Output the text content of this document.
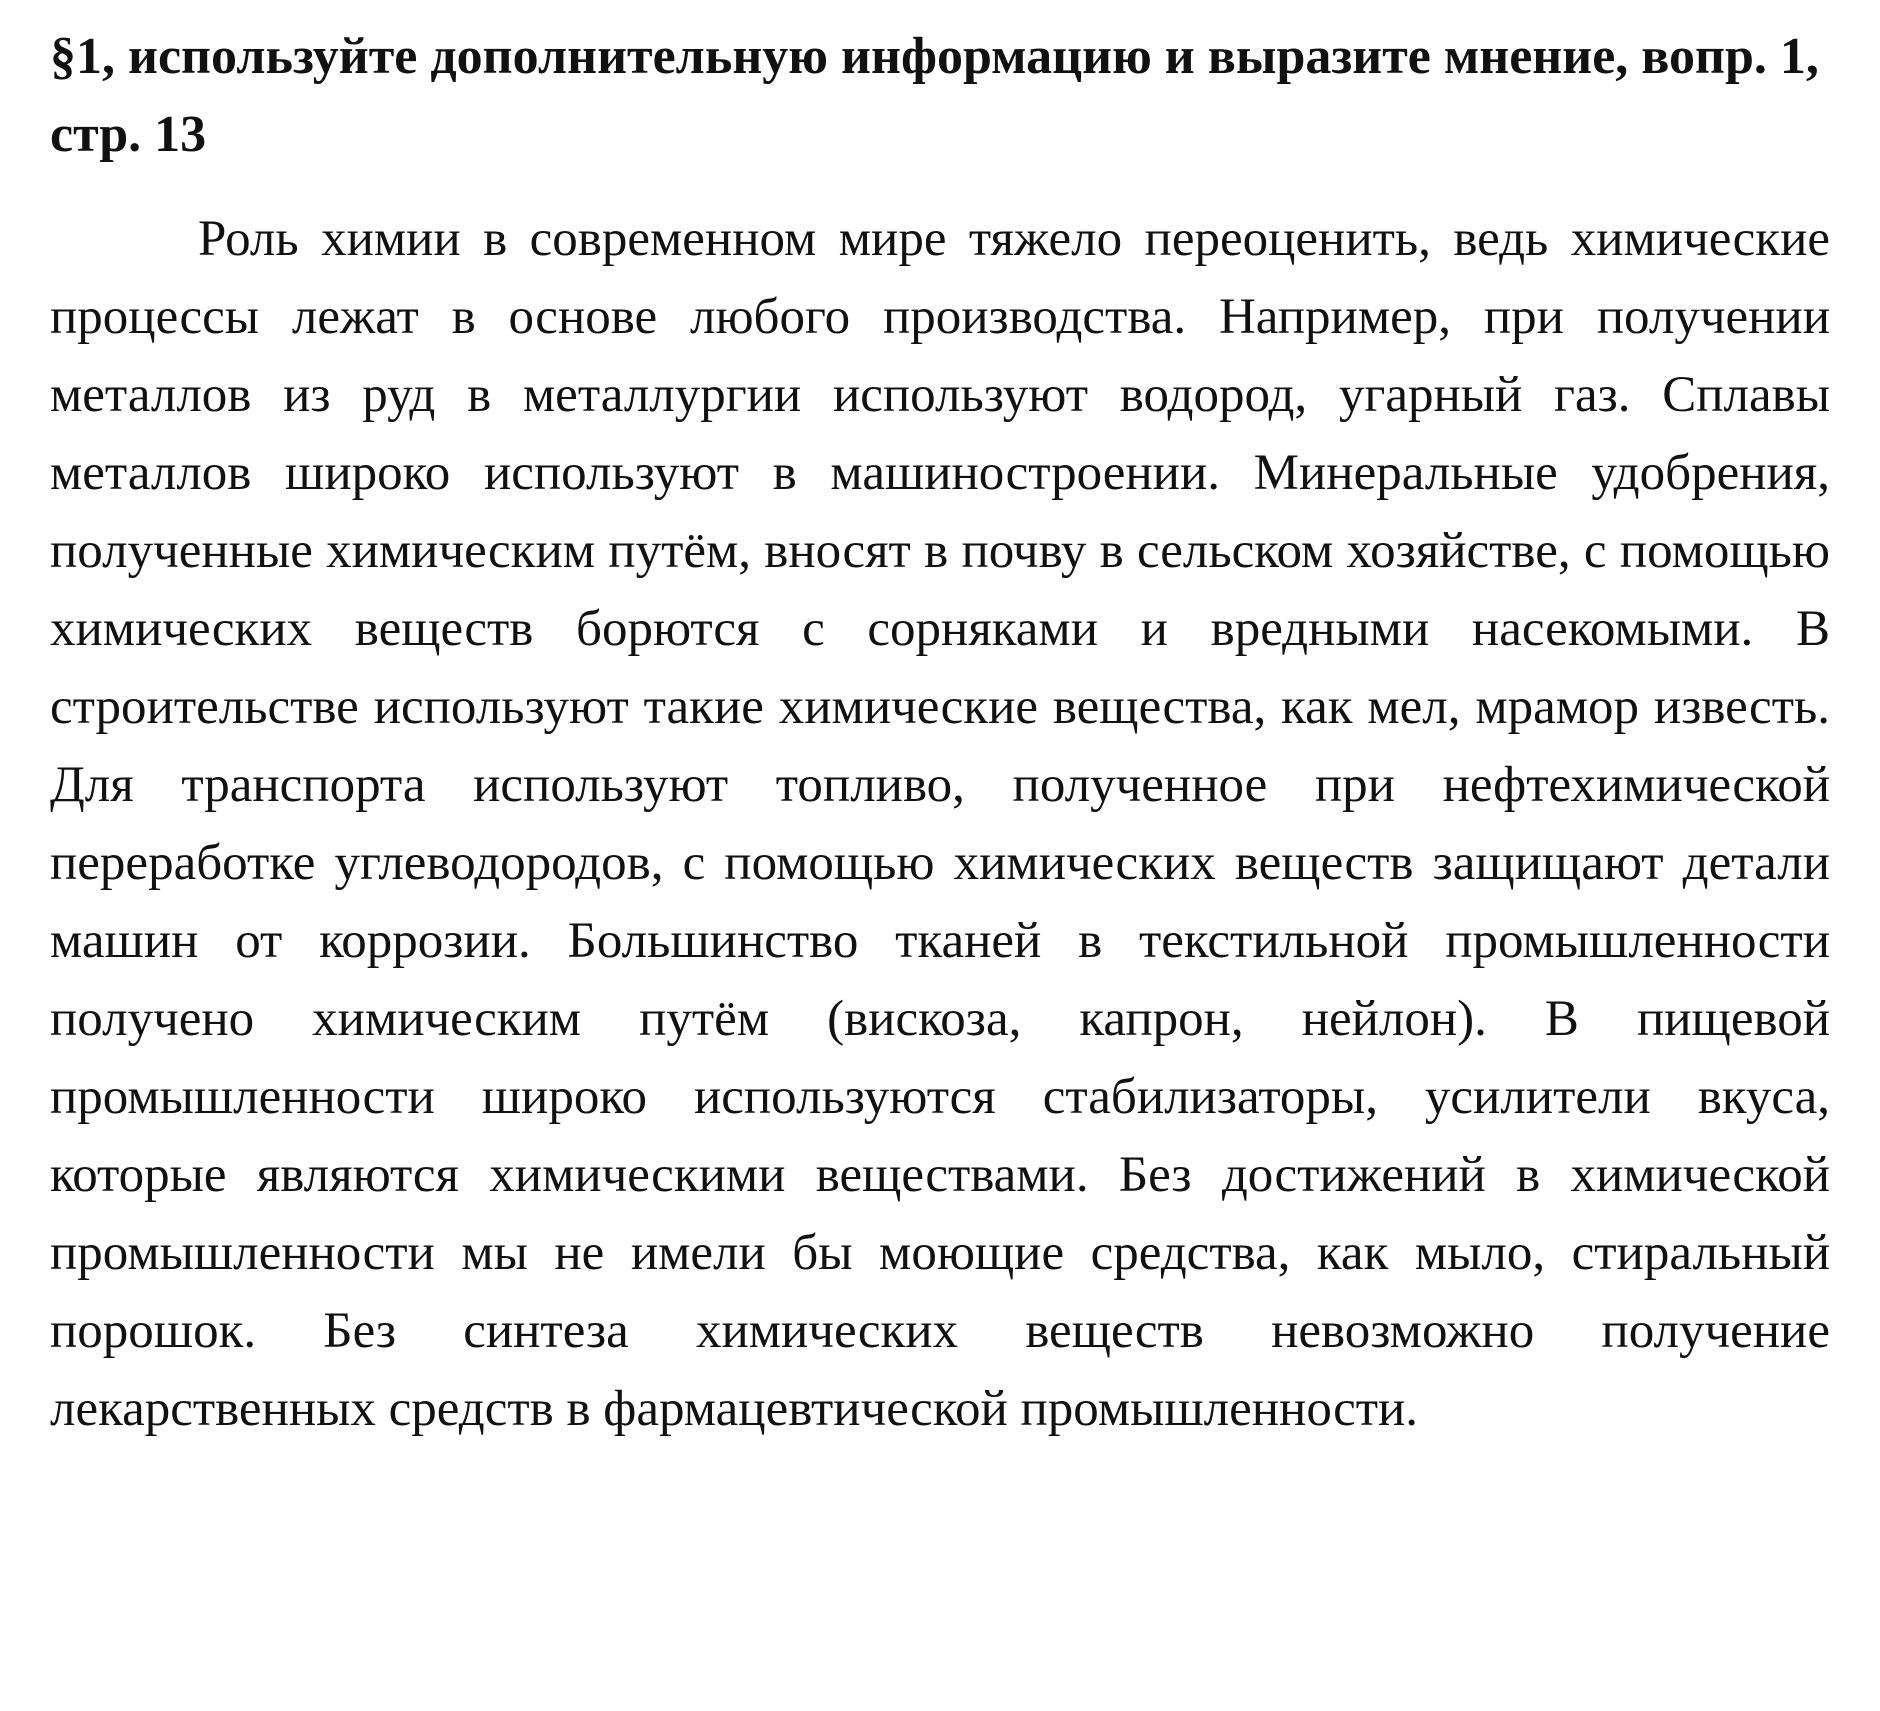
§1, используйте дополнительную информацию и выразите мнение, вопр. 1, стр. 13

Роль химии в современном мире тяжело переоценить, ведь химические процессы лежат в основе любого производства. Например, при получении металлов из руд в металлургии используют водород, угарный газ. Сплавы металлов широко используют в машиностроении. Минеральные удобрения, полученные химическим путём, вносят в почву в сельском хозяйстве, с помощью химических веществ борются с сорняками и вредными насекомыми. В строительстве используют такие химические вещества, как мел, мрамор известь. Для транспорта используют топливо, полученное при нефтехимической переработке углеводородов, с помощью химических веществ защищают детали машин от коррозии. Большинство тканей в текстильной промышленности получено химическим путём (вискоза, капрон, нейлон). В пищевой промышленности широко используются стабилизаторы, усилители вкуса, которые являются химическими веществами. Без достижений в химической промышленности мы не имели бы моющие средства, как мыло, стиральный порошок. Без синтеза химических веществ невозможно получение лекарственных средств в фармацевтической промышленности.
